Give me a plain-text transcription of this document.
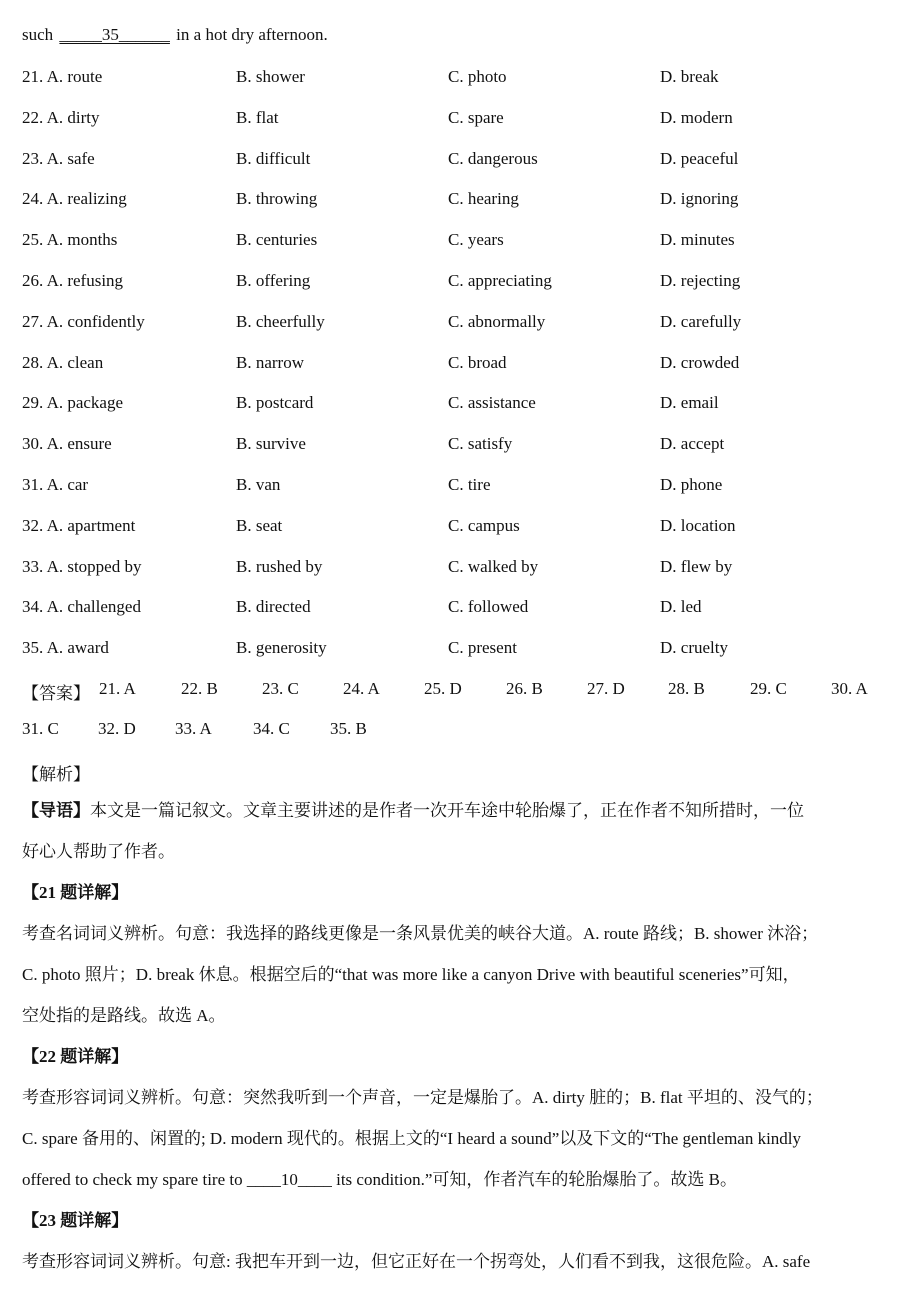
such _____35______ in a hot dry afternoon.
21. A. route	B. shower	C. photo	D. break
22. A. dirty	B. flat	C. spare	D. modern
23. A. safe	B. difficult	C. dangerous	D. peaceful
24. A. realizing	B. throwing	C. hearing	D. ignoring
25. A. months	B. centuries	C. years	D. minutes
26. A. refusing	B. offering	C. appreciating	D. rejecting
27. A. confidently	B. cheerfully	C. abnormally	D. carefully
28. A. clean	B. narrow	C. broad	D. crowded
29. A. package	B. postcard	C. assistance	D. email
30. A. ensure	B. survive	C. satisfy	D. accept
31. A. car	B. van	C. tire	D. phone
32. A. apartment	B. seat	C. campus	D. location
33. A. stopped by	B. rushed by	C. walked by	D. flew by
34. A. challenged	B. directed	C. followed	D. led
35. A. award	B. generosity	C. present	D. cruelty
【答案】 21. A	22. B	23. C	24. A	25. D	26. B	27. D	28. B	29. C	30. A
31. C 32. D 33. A 34. C 35. B
【解析】
【导语】本文是一篇记叙文。文章主要讲述的是作者一次开车途中轮胎爆了，正在作者不知所措时，一位
好心人帮助了作者。
【21 题详解】
考查名词词义辨析。句意：我选择的路线更像是一条风景优美的峡谷大道。A. route 路线；B. shower 沐浴；
C. photo 照片；D. break 休息。根据空后的“that was more like a canyon Drive with beautiful sceneries”可知，
空处指的是路线。故选 A。
【22 题详解】
考查形容词词义辨析。句意：突然我听到一个声音，一定是爆胎了。A. dirty 脏的；B. flat 平坦的、没气的；
C. spare 备用的、闲置的; D. modern 现代的。根据上文的“I heard a sound”以及下文的“The gentleman kindly
offered to check my spare tire to ____10____ its condition.”可知，作者汽车的轮胎爆胎了。故选 B。
【23 题详解】
考查形容词词义辨析。句意: 我把车开到一边，但它正好在一个拐弯处，人们看不到我，这很危险。A. safe
